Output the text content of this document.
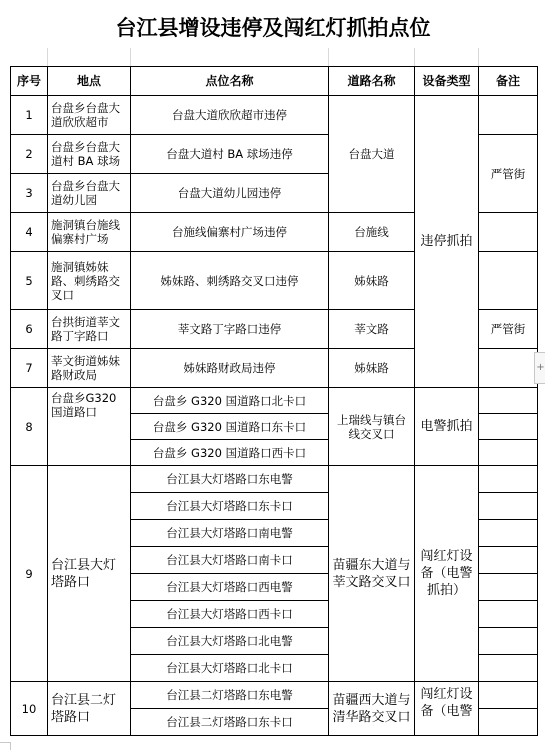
台江县增设违停及闯红灯抓拍点位
序号	地点	点位名称	道路名称	设备类型	备注
1	台盘乡台盘大道欣欣超市	台盘大道欣欣超市违停	台盘大道	违停抓拍	
2	台盘乡台盘大道村 BA 球场	台盘大道村 BA 球场违停			严管街
3	台盘乡台盘大道幼儿园	台盘大道幼儿园违停			
4	施洞镇台施线偏寨村广场	台施线偏寨村广场违停	台施线		
5	施洞镇姊妹路、刺绣路交叉口	姊妹路、刺绣路交叉口违停	姊妹路		
6	台拱街道莘文路丁字路口	莘文路丁字路口违停	莘文路		严管街
7	莘文街道姊妹路财政局	姊妹路财政局违停	姊妹路		
8	台盘乡G320国道路口	台盘乡 G320 国道路口北卡口	上瑞线与镇台线交叉口	电警抓拍	
		台盘乡 G320 国道路口东卡口			
		台盘乡 G320 国道路口西卡口			
9	台江县大灯塔路口	台江县大灯塔路口东电警	苗疆东大道与莘文路交叉口	闯红灯设备（电警抓拍）	
		台江县大灯塔路口东卡口			
		台江县大灯塔路口南电警			
		台江县大灯塔路口南卡口			
		台江县大灯塔路口西电警			
		台江县大灯塔路口西卡口			
		台江县大灯塔路口北电警			
		台江县大灯塔路口北卡口			
10	台江县二灯塔路口	台江县二灯塔路口东电警	苗疆西大道与清华路交叉口	闯红灯设备（电警	
		台江县二灯塔路口东卡口			
+
